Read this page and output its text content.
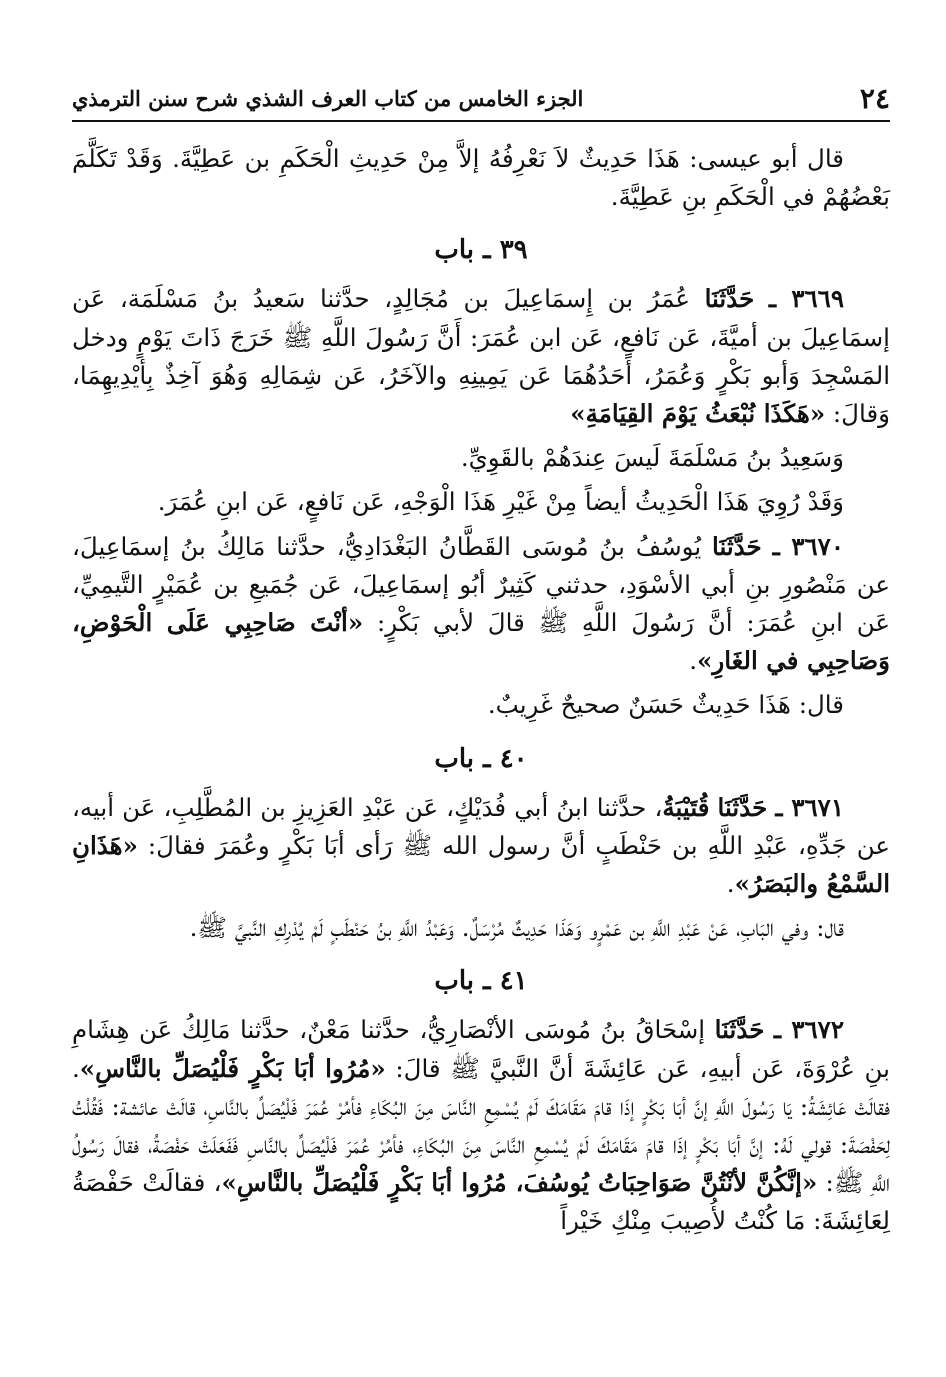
٢٤
الجزء الخامس من كتاب العرف الشذي شرح سنن الترمذي

قال أبو عيسى: هَذَا حَدِيثٌ لاَ نَعْرِفُهُ إلاَّ مِنْ حَدِيثِ الْحَكَمِ بن عَطِيَّةَ. وَقَدْ تَكَلَّمَ بَعْضُهُمْ في الْحَكَمِ بنِ عَطِيَّةَ.

٣٩ ـ باب

٣٦٦٩ ـ حَدَّثَنَا عُمَرُ بن إِسمَاعِيلَ بن مُجَالِدٍ، حدَّثنا سَعيدُ بنُ مَسْلَمَة، عَن إسمَاعِيلَ بن أميَّةَ، عَن نَافعٍ، عَن ابن عُمَرَ: أَنَّ رَسُولَ اللَّهِ ﷺ خَرَجَ ذَاتَ يَوْمٍ ودخل المَسْجِدَ وَأبو بَكْرٍ وَعُمَرُ، أحَدُهُمَا عَن يَمِينِهِ والآخَرُ، عَن شِمَالِهِ وَهُوَ آخِذٌ بِأيْدِيهِمَا، وَقالَ: «هَكَذَا نُبْعَثُ يَوْمَ القِيَامَةِ»

وَسَعِيدُ بنُ مَسْلَمَةَ لَيسَ عِندَهُمْ بالقَوِيِّ.

وَقَدْ رُوِيَ هَذَا الْحَدِيثُ أيضاً مِنْ غَيْرِ هَذَا الْوَجْهِ، عَن نَافعٍ، عَن ابنِ عُمَرَ.

٣٦٧٠ ـ حَدَّثَنَا يُوسُفُ بنُ مُوسَى القَطَّانُ البَغْدَادِيُّ، حدَّثنا مَالِكُ بنُ إسمَاعِيلَ، عن مَنْصُورِ بنِ أبي الأسْوَدِ، حدثني كَثِيرٌ أبُو إسمَاعِيلَ، عَن جُمَيعِ بن عُمَيْرٍ التَّيمِيِّ، عَن ابنِ عُمَرَ: أنَّ رَسُولَ اللَّهِ ﷺ قالَ لأبي بَكْرٍ: «أنْتَ صَاحِبِي عَلَى الْحَوْضِ، وَصَاحِبِي في الغَارِ».

قال: هَذَا حَدِيثٌ حَسَنٌ صحيحٌ غَرِيبٌ.

٤٠ ـ باب

٣٦٧١ ـ حَدَّثَنَا قُتَيْبَةُ، حدَّثنا ابنُ أبي فُدَيْكٍ، عَن عَبْدِ العَزِيزِ بن المُطَّلِبِ، عَن أبيه، عن جَدِّهِ، عَبْدِ اللَّهِ بن حَنْطَبٍ أنَّ رسول الله ﷺ رَأى أبَا بَكْرٍ وعُمَرَ فقالَ: «هَذَانِ السَّمْعُ والبَصَرُ».

قال: وفي البَابِ، عَنْ عَبْدِ اللَّهِ بن عَمْرٍو وَهَذَا حَدِيثٌ مُرْسَلٌ. وَعَبْدُ اللَّهِ بنُ حَنْطَبٍ لَمْ يُدْرِكِ النَّبيَّ ﷺ.

٤١ ـ باب

٣٦٧٢ ـ حَدَّثَنَا إسْحَاقُ بنُ مُوسَى الأنْصَارِيُّ، حدَّثنا مَعْنٌ، حدَّثنا مَالِكُ عَن هِشَامِ بنِ عُرْوَةَ، عَن أبيهِ، عَن عَائِشَةَ أنَّ النَّبيَّ ﷺ قالَ: «مُرُوا أبَا بَكْرٍ فَلْيُصَلِّ بالنَّاسِ». فقالَتْ عَائِشَةُ: يَا رَسُولَ اللَّهِ إنَّ أبَا بَكْرٍ إذَا قامَ مَقَامَكَ لَمْ يُسْمِعِ النَّاسَ مِنَ البُكَاءِ فأمُرْ عُمَرَ فَلْيُصَلِّ بالنَّاسِ، قالَتْ عائشة: فَقُلْتُ لِحَفْصَةَ: قولي لَهُ: إنَّ أبَا بَكْرٍ إذَا قامَ مَقَامَكَ لَمْ يُسْمِعِ النَّاسَ مِنَ البُكَاءِ، فأمُرْ عُمَرَ فَلْيُصَلِّ بالنَّاسِ فَفَعَلَتْ حَفْصَةُ، فقالَ رَسُولُ اللَّهِ ﷺ: «إنَّكُنَّ لأنْتُنَّ صَوَاحِبَاتُ يُوسُفَ، مُرُوا أبَا بَكْرٍ فَلْيُصَلِّ بالنَّاسِ»، فقالَتْ حَفْصَةُ لِعَائِشَةَ: مَا كُنْتُ لأُصِيبَ مِنْكِ خَيْراً
